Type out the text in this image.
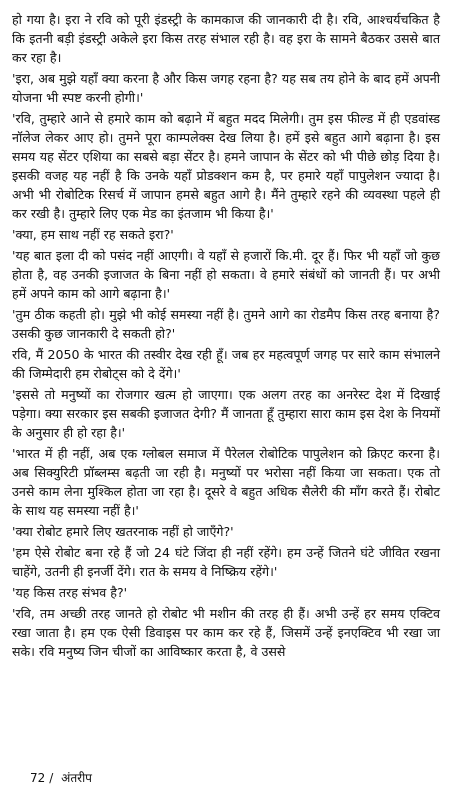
हो गया है। इरा ने रवि को पूरी इंडस्ट्री के कामकाज की जानकारी दी है। रवि, आश्चर्यचकित है कि इतनी बड़ी इंडस्ट्री अकेले इरा किस तरह संभाल रही है। वह इरा के सामने बैठकर उससे बात कर रहा है।

'इरा, अब मुझे यहाँ क्या करना है और किस जगह रहना है? यह सब तय होने के बाद हमें अपनी योजना भी स्पष्ट करनी होगी।'

'रवि, तुम्हारे आने से हमारे काम को बढ़ाने में बहुत मदद मिलेगी। तुम इस फील्ड में ही एडवांस्ड नॉलेज लेकर आए हो। तुमने पूरा काम्पलेक्स देख लिया है। हमें इसे बहुत आगे बढ़ाना है। इस समय यह सेंटर एशिया का सबसे बड़ा सेंटर है। हमने जापान के सेंटर को भी पीछे छोड़ दिया है। इसकी वजह यह नहीं है कि उनके यहाँ प्रोडक्शन कम है, पर हमारे यहाँ पापुलेशन ज्यादा है। अभी भी रोबोटिक रिसर्च में जापान हमसे बहुत आगे है। मैंने तुम्हारे रहने की व्यवस्था पहले ही कर रखी है। तुम्हारे लिए एक मेड का इंतजाम भी किया है।'

'क्या, हम साथ नहीं रह सकते इरा?'

'यह बात इला दी को पसंद नहीं आएगी। वे यहाँ से हजारों कि.मी. दूर हैं। फिर भी यहाँ जो कुछ होता है, वह उनकी इजाजत के बिना नहीं हो सकता। वे हमारे संबंधों को जानती हैं। पर अभी हमें अपने काम को आगे बढ़ाना है।'

'तुम ठीक कहती हो। मुझे भी कोई समस्या नहीं है। तुमने आगे का रोडमैप किस तरह बनाया है? उसकी कुछ जानकारी दे सकती हो?'

रवि, मैं 2050 के भारत की तस्वीर देख रही हूँ। जब हर महत्वपूर्ण जगह पर सारे काम संभालने की जिम्मेदारी हम रोबोट्स को दे देंगे।'

'इससे तो मनुष्यों का रोजगार खत्म हो जाएगा। एक अलग तरह का अनरेस्ट देश में दिखाई पड़ेगा। क्या सरकार इस सबकी इजाजत देगी? मैं जानता हूँ तुम्हारा सारा काम इस देश के नियमों के अनुसार ही हो रहा है।'

'भारत में ही नहीं, अब एक ग्लोबल समाज में पैरेलल रोबोटिक पापुलेशन को क्रिएट करना है। अब सिक्युरिटी प्रॉब्लम्स बढ़ती जा रही है। मनुष्यों पर भरोसा नहीं किया जा सकता। एक तो उनसे काम लेना मुश्किल होता जा रहा है। दूसरे वे बहुत अधिक सैलेरी की माँग करते हैं। रोबोट के साथ यह समस्या नहीं है।'

'क्या रोबोट हमारे लिए खतरनाक नहीं हो जाएँगे?'

'हम ऐसे रोबोट बना रहे हैं जो 24 घंटे जिंदा ही नहीं रहेंगे। हम उन्हें जितने घंटे जीवित रखना चाहेंगे, उतनी ही इनर्जी देंगे। रात के समय वे निष्क्रिय रहेंगे।'

'यह किस तरह संभव है?'

'रवि, तम अच्छी तरह जानते हो रोबोट भी मशीन की तरह ही हैं। अभी उन्हें हर समय एक्टिव रखा जाता है। हम एक ऐसी डिवाइस पर काम कर रहे हैं, जिसमें उन्हें इनएक्टिव भी रखा जा सके। रवि मनुष्य जिन चीजों का आविष्कार करता है, वे उससे

72 / अंतरीप
